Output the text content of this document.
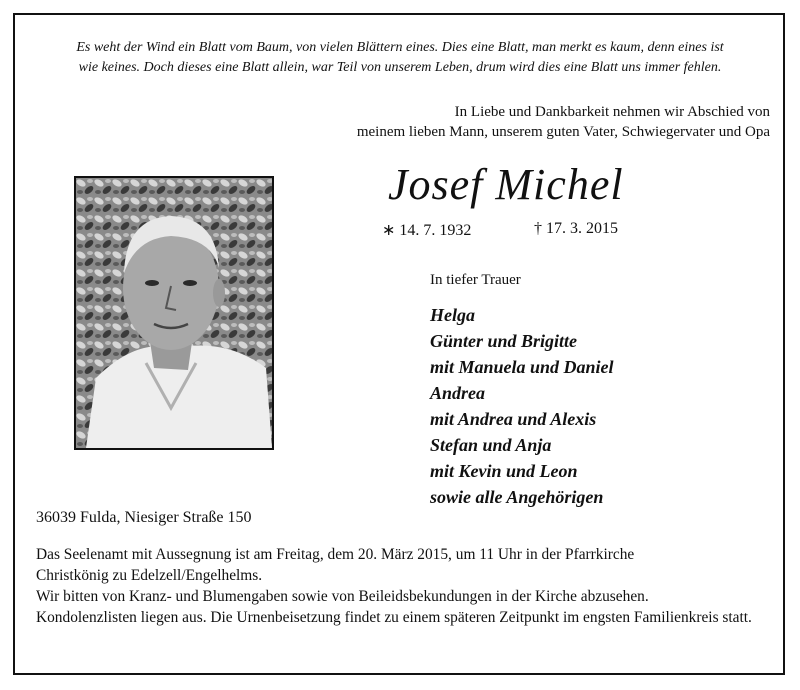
Es weht der Wind ein Blatt vom Baum, von vielen Blättern eines. Dies eine Blatt, man merkt es kaum, denn eines ist
wie keines. Doch dieses eine Blatt allein, war Teil von unserem Leben, drum wird dies eine Blatt uns immer fehlen.
In Liebe und Dankbarkeit nehmen wir Abschied von
meinem lieben Mann, unserem guten Vater, Schwiegervater und Opa
Josef Michel
∗ 14. 7. 1932	† 17. 3. 2015
In tiefer Trauer
Helga
Günter und Brigitte
mit Manuela und Daniel
Andrea
mit Andrea und Alexis
Stefan und Anja
mit Kevin und Leon
sowie alle Angehörigen
36039 Fulda, Niesiger Straße 150

Das Seelenamt mit Aussegnung ist am Freitag, dem 20. März 2015, um 11 Uhr in der Pfarrkirche

Christkönig zu Edelzell/Engelhelms.

Wir bitten von Kranz- und Blumengaben sowie von Beileidsbekundungen in der Kirche abzusehen.

Kondolenzlisten liegen aus. Die Urnenbeisetzung findet zu einem späteren Zeitpunkt im engsten Familienkreis statt.
